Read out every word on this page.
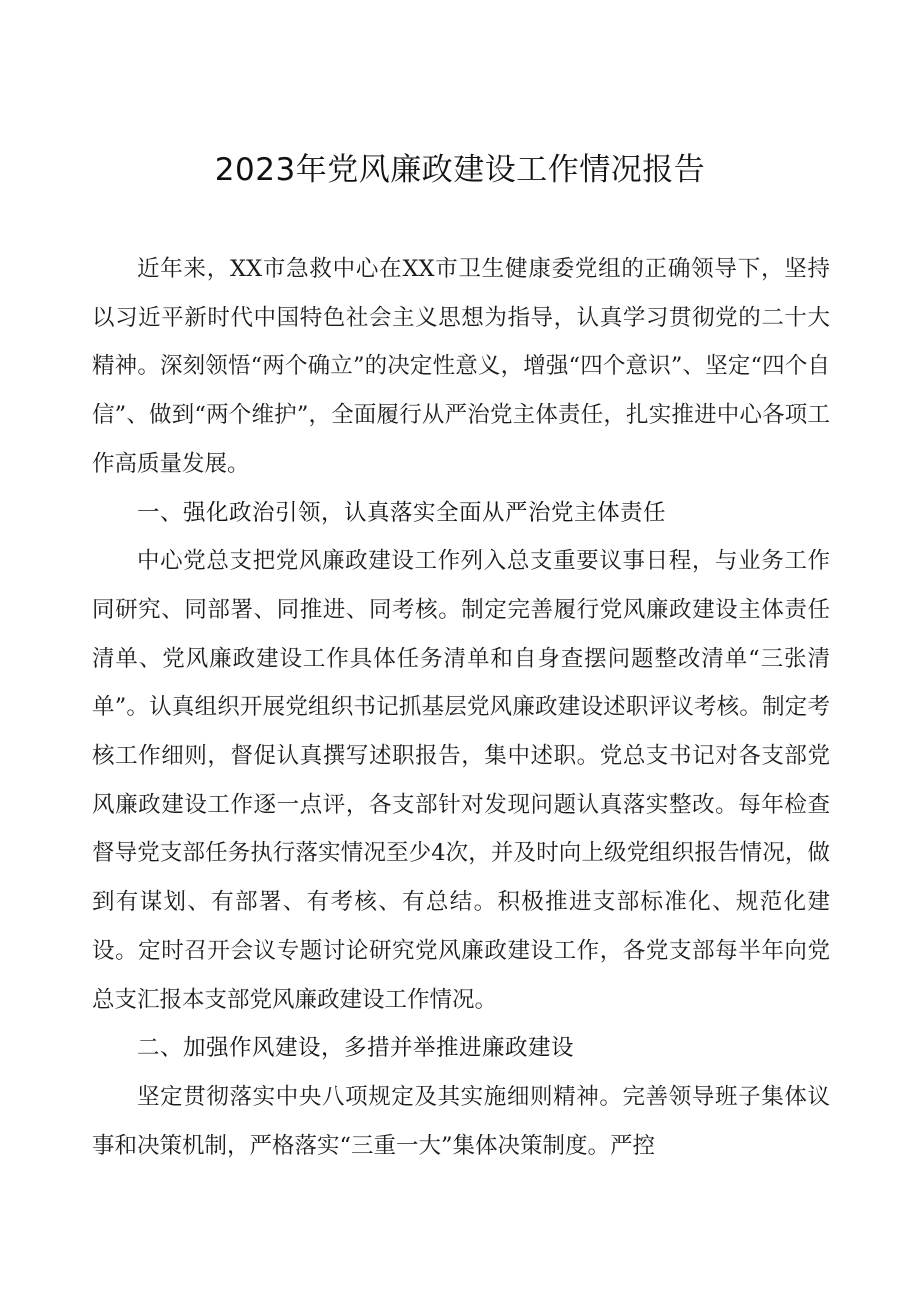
2023年党风廉政建设工作情况报告

近年来，XX市急救中心在XX市卫生健康委党组的正确领导下，坚持以习近平新时代中国特色社会主义思想为指导，认真学习贯彻党的二十大精神。深刻领悟“两个确立”的决定性意义，增强“四个意识”、坚定“四个自信”、做到“两个维护”，全面履行从严治党主体责任，扎实推进中心各项工作高质量发展。

一、强化政治引领，认真落实全面从严治党主体责任

中心党总支把党风廉政建设工作列入总支重要议事日程，与业务工作同研究、同部署、同推进、同考核。制定完善履行党风廉政建设主体责任清单、党风廉政建设工作具体任务清单和自身查摆问题整改清单“三张清单”。认真组织开展党组织书记抓基层党风廉政建设述职评议考核。制定考核工作细则，督促认真撰写述职报告，集中述职。党总支书记对各支部党风廉政建设工作逐一点评，各支部针对发现问题认真落实整改。每年检查督导党支部任务执行落实情况至少4次，并及时向上级党组织报告情况，做到有谋划、有部署、有考核、有总结。积极推进支部标准化、规范化建设。定时召开会议专题讨论研究党风廉政建设工作，各党支部每半年向党总支汇报本支部党风廉政建设工作情况。

二、加强作风建设，多措并举推进廉政建设

坚定贯彻落实中央八项规定及其实施细则精神。完善领导班子集体议事和决策机制，严格落实“三重一大”集体决策制度。严控
